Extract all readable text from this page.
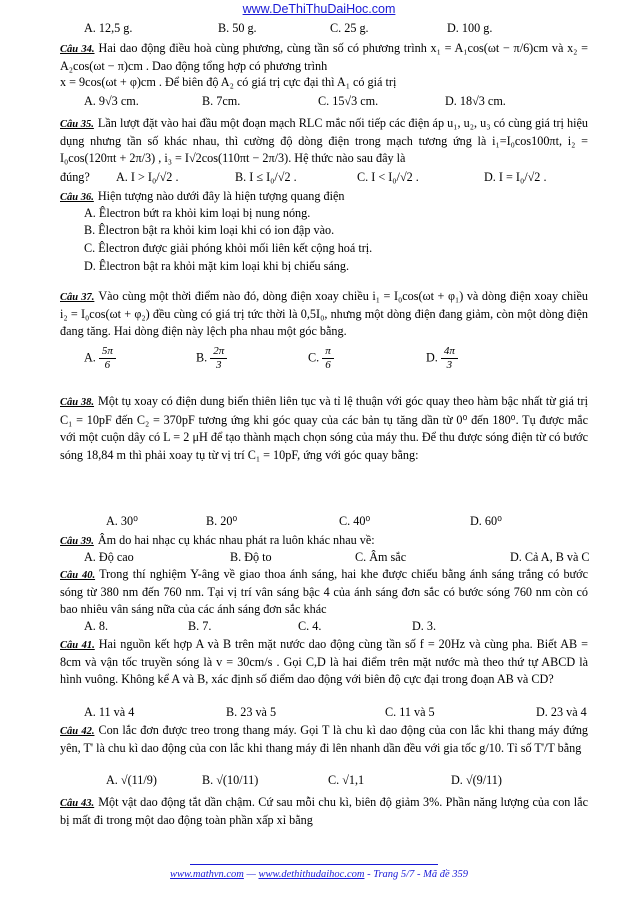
www.DeThiThuDaiHoc.com
A. 12,5 g.	B. 50 g.	C. 25 g.	D. 100 g.
Câu 34. Hai dao động điều hoà cùng phương, cùng tần số có phương trình x₁ = A₁cos(ωt − π/6)cm và x₂ = A₂cos(ωt − π)cm . Dao động tổng hợp có phương trình
x = 9cos(ωt + φ)cm . Để biên độ A₂ có giá trị cực đại thì A₁ có giá trị
A. 9√3 cm.	B. 7cm.	C. 15√3 cm.	D. 18√3 cm.
Câu 35. Lần lượt đặt vào hai đầu một đoạn mạch RLC mắc nối tiếp các điện áp u₁, u₂, u₃ có cùng giá trị hiệu dụng nhưng tần số khác nhau, thì cường độ dòng điện trong mạch tương ứng là i₁=I₀cos100πt, i₂ = I₀cos(120πt + 2π/3) , i₃ = I√2cos(110πt − 2π/3). Hệ thức nào sau đây là
đúng? A. I > I₀/√2 .	B. I ≤ I₀/√2 .	C. I < I₀/√2 .	D. I = I₀/√2 .
Câu 36. Hiện tượng nào dưới đây là hiện tượng quang điện
A. Êlectron bứt ra khỏi kim loại bị nung nóng.
B. Êlectron bật ra khỏi kim loại khi có ion đập vào.
C. Êlectron được giải phóng khỏi mối liên kết cộng hoá trị.
D. Êlectron bật ra khỏi mặt kim loại khi bị chiếu sáng.
Câu 37. Vào cùng một thời điểm nào đó, dòng điện xoay chiều i₁ = I₀cos(ωt + φ₁) và dòng điện xoay chiều i₂ = I₀cos(ωt + φ₂) đều cùng có giá trị tức thời là 0,5I₀, nhưng một dòng điện đang giảm, còn một dòng điện đang tăng. Hai dòng điện này lệch pha nhau một góc bằng.
A. $\frac{5\pi}{6}$	B. $\frac{2\pi}{3}$	C. $\frac{\pi}{6}$	D. $\frac{4\pi}{3}$
Câu 38. Một tụ xoay có điện dung biến thiên liên tục và tỉ lệ thuận với góc quay theo hàm bậc nhất từ giá trị C₁ = 10pF đến C₂ = 370pF tương ứng khi góc quay của các bản tụ tăng dần từ 0⁰ đến 180⁰. Tụ được mắc với một cuộn dây có L = 2 μH để tạo thành mạch chọn sóng của máy thu. Để thu được sóng điện từ có bước sóng 18,84 m thì phải xoay tụ từ vị trí C₁ = 10pF, ứng với góc quay bằng:
A. 30⁰	B. 20⁰	C. 40⁰	D. 60⁰
Câu 39. Âm do hai nhạc cụ khác nhau phát ra luôn khác nhau về:
A. Độ cao	B. Độ to	C. Âm sắc	D. Cả A, B và C
Câu 40. Trong thí nghiệm Y-âng về giao thoa ánh sáng, hai khe được chiếu bằng ánh sáng trắng có bước sóng từ 380 nm đến 760 nm. Tại vị trí vân sáng bậc 4 của ánh sáng đơn sắc có bước sóng 760 nm còn có bao nhiêu vân sáng nữa của các ánh sáng đơn sắc khác
A. 8.	B. 7.	C. 4.	D. 3.
Câu 41. Hai nguồn kết hợp A và B trên mặt nước dao động cùng tần số f = 20Hz và cùng pha. Biết AB = 8cm và vận tốc truyền sóng là v = 30cm/s . Gọi C,D là hai điểm trên mặt nước mà theo thứ tự ABCD là hình vuông. Không kể A và B, xác định số điểm dao động với biên độ cực đại trong đoạn AB và CD?
A. 11 và 4	B. 23 và 5	C. 11 và 5	D. 23 và 4
Câu 42. Con lắc đơn được treo trong thang máy. Gọi T là chu kì dao động của con lắc khi thang máy đứng yên, T' là chu kì dao động của con lắc khi thang máy đi lên nhanh dần đều với gia tốc g/10. Tỉ số T'/T bằng
A. √(11/9)	B. √(10/11)	C. √1,1	D. √(9/11)
Câu 43. Một vật dao động tắt dần chậm. Cứ sau mỗi chu kì, biên độ giảm 3%. Phần năng lượng của con lắc bị mất đi trong một dao động toàn phần xấp xỉ bằng
www.mathvn.com — www.dethithudaihoc.com - Trang 5/7 - Mã đề 359
